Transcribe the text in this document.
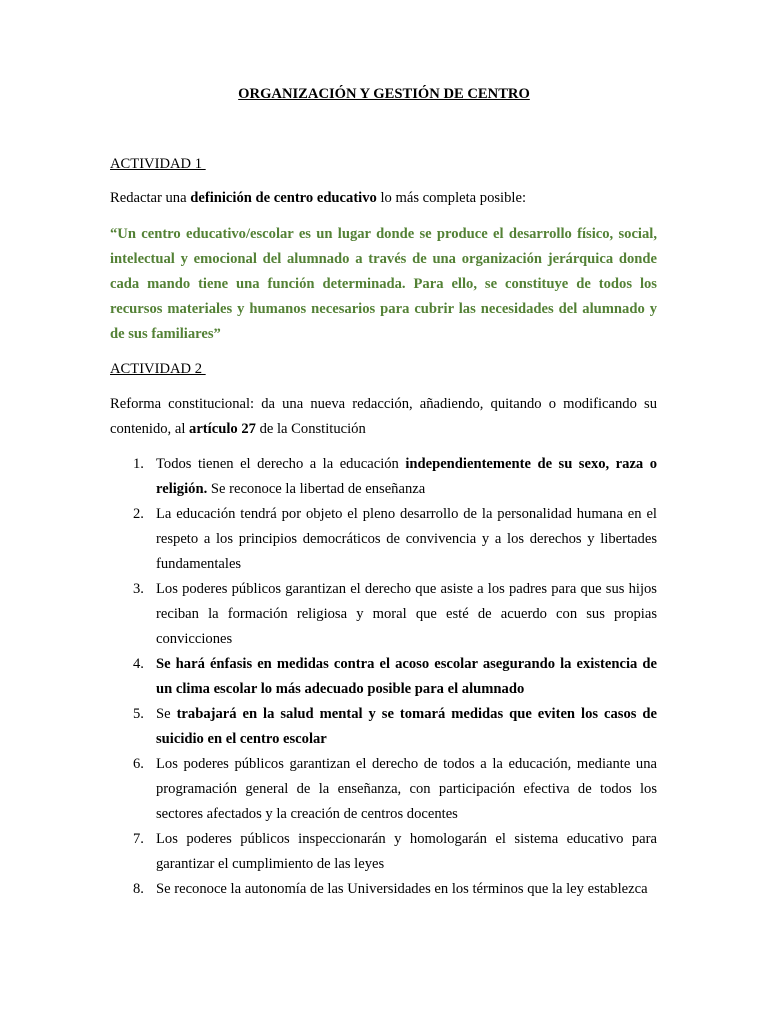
ORGANIZACIÓN Y GESTIÓN DE CENTRO
ACTIVIDAD 1
Redactar una definición de centro educativo lo más completa posible:
“Un centro educativo/escolar es un lugar donde se produce el desarrollo físico, social, intelectual y emocional del alumnado a través de una organización jerárquica donde cada mando tiene una función determinada. Para ello, se constituye de todos los recursos materiales y humanos necesarios para cubrir las necesidades del alumnado y de sus familiares”
ACTIVIDAD 2
Reforma constitucional: da una nueva redacción, añadiendo, quitando o modificando su contenido, al artículo 27 de la Constitución
1. Todos tienen el derecho a la educación independientemente de su sexo, raza o religión. Se reconoce la libertad de enseñanza
2. La educación tendrá por objeto el pleno desarrollo de la personalidad humana en el respeto a los principios democráticos de convivencia y a los derechos y libertades fundamentales
3. Los poderes públicos garantizan el derecho que asiste a los padres para que sus hijos reciban la formación religiosa y moral que esté de acuerdo con sus propias convicciones
4. Se hará énfasis en medidas contra el acoso escolar asegurando la existencia de un clima escolar lo más adecuado posible para el alumnado
5. Se trabajará en la salud mental y se tomará medidas que eviten los casos de suicidio en el centro escolar
6. Los poderes públicos garantizan el derecho de todos a la educación, mediante una programación general de la enseñanza, con participación efectiva de todos los sectores afectados y la creación de centros docentes
7. Los poderes públicos inspeccionarán y homologarán el sistema educativo para garantizar el cumplimiento de las leyes
8. Se reconoce la autonomía de las Universidades en los términos que la ley establezca
